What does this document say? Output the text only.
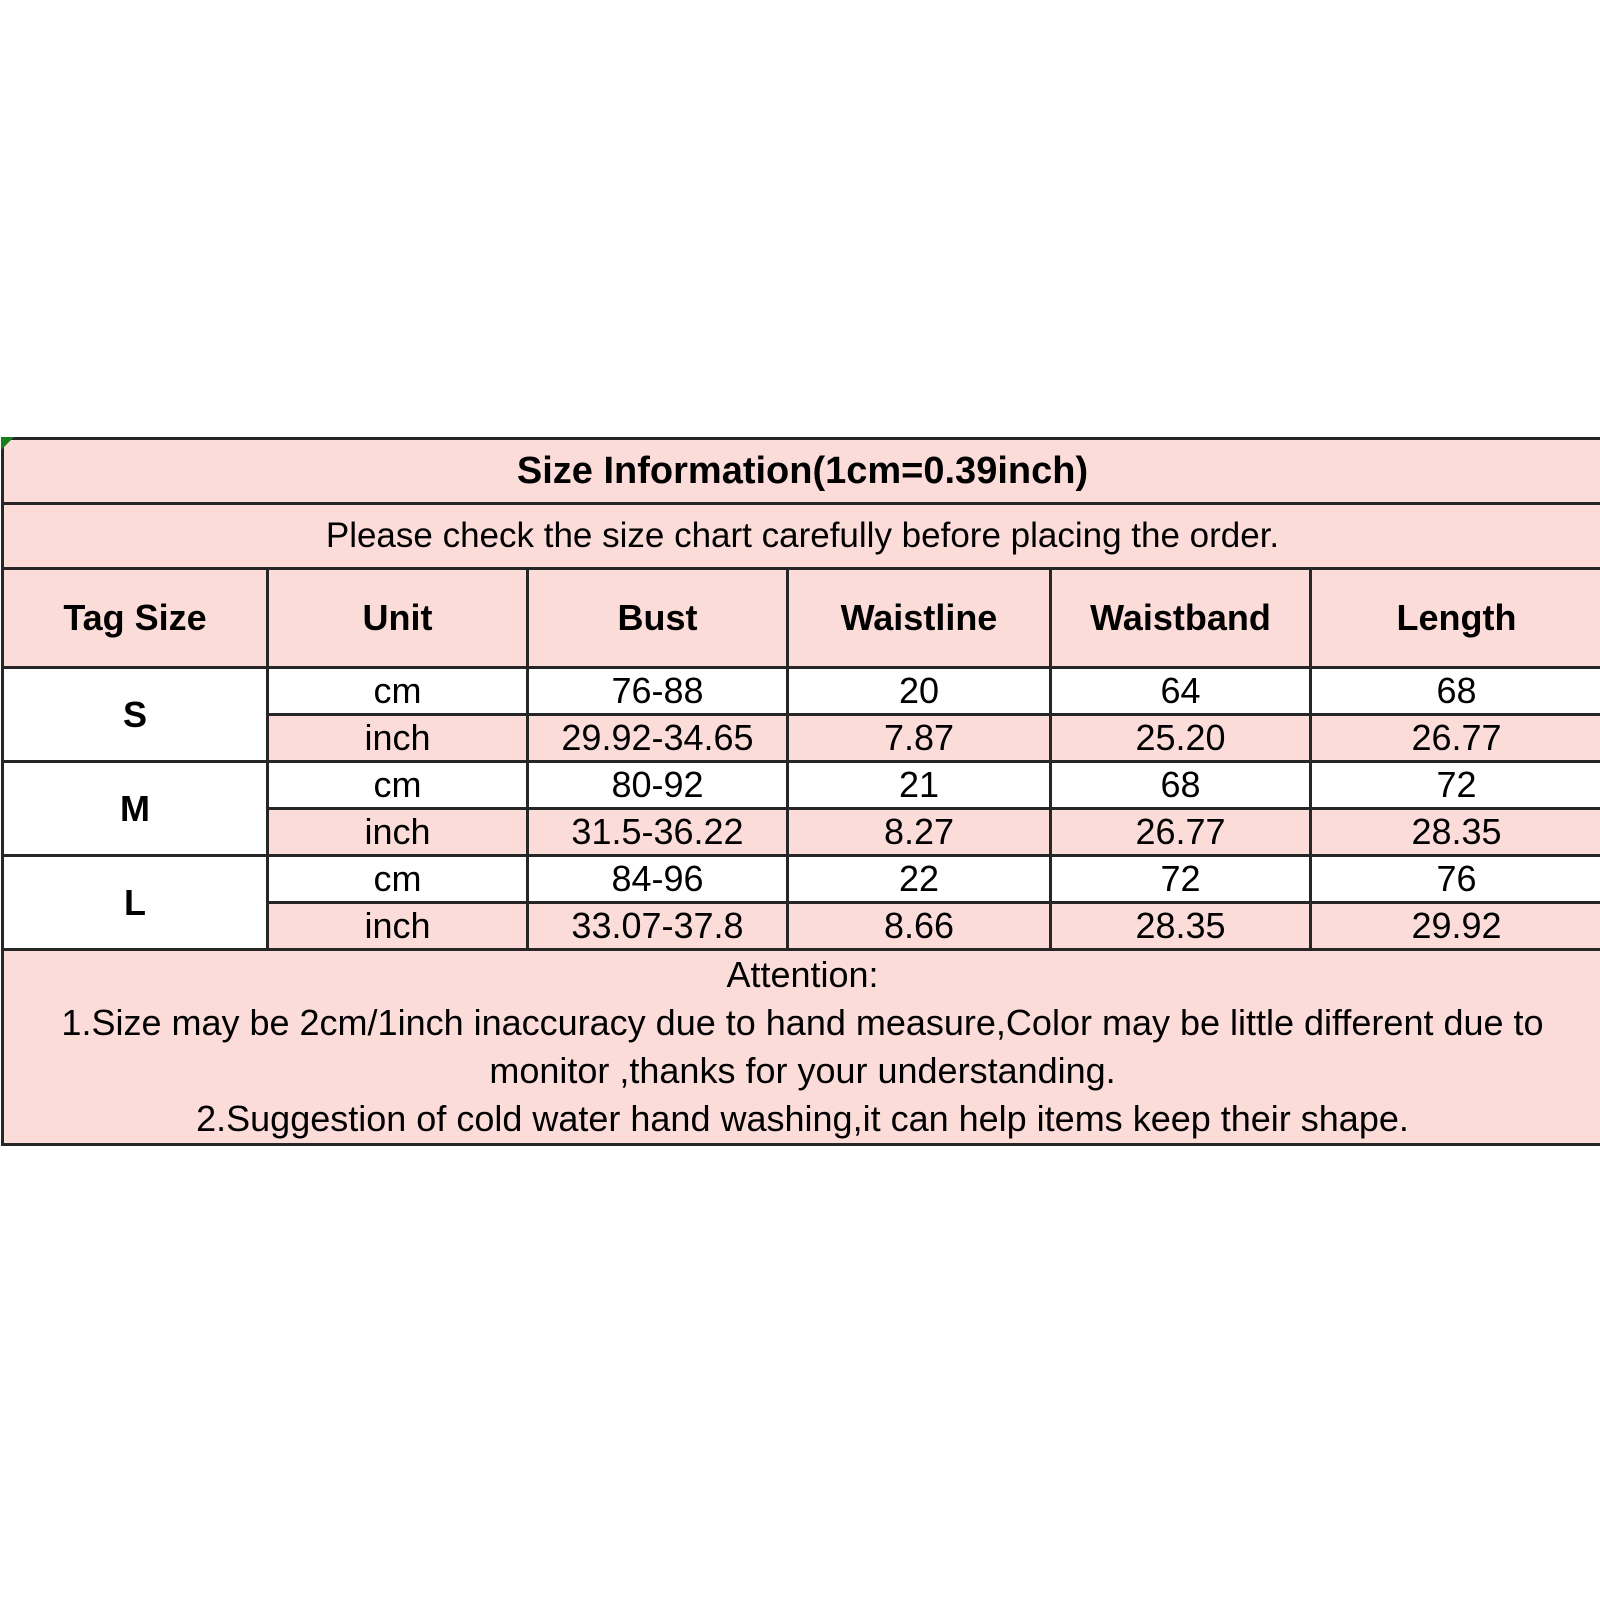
Size Information(1cm=0.39inch)					
Please check the size chart carefully before placing the order.					
Tag Size	Unit	Bust	Waistline	Waistband	Length
S	cm	76-88	20	64	68
	inch	29.92-34.65	7.87	25.20	26.77
M	cm	80-92	21	68	72
	inch	31.5-36.22	8.27	26.77	28.35
L	cm	84-96	22	72	76
	inch	33.07-37.8	8.66	28.35	29.92

Attention:
1.Size may be 2cm/1inch inaccuracy due to hand measure,Color may be little different due to monitor ,thanks for your understanding.
2.Suggestion of cold water hand washing,it can help items keep their shape.					
